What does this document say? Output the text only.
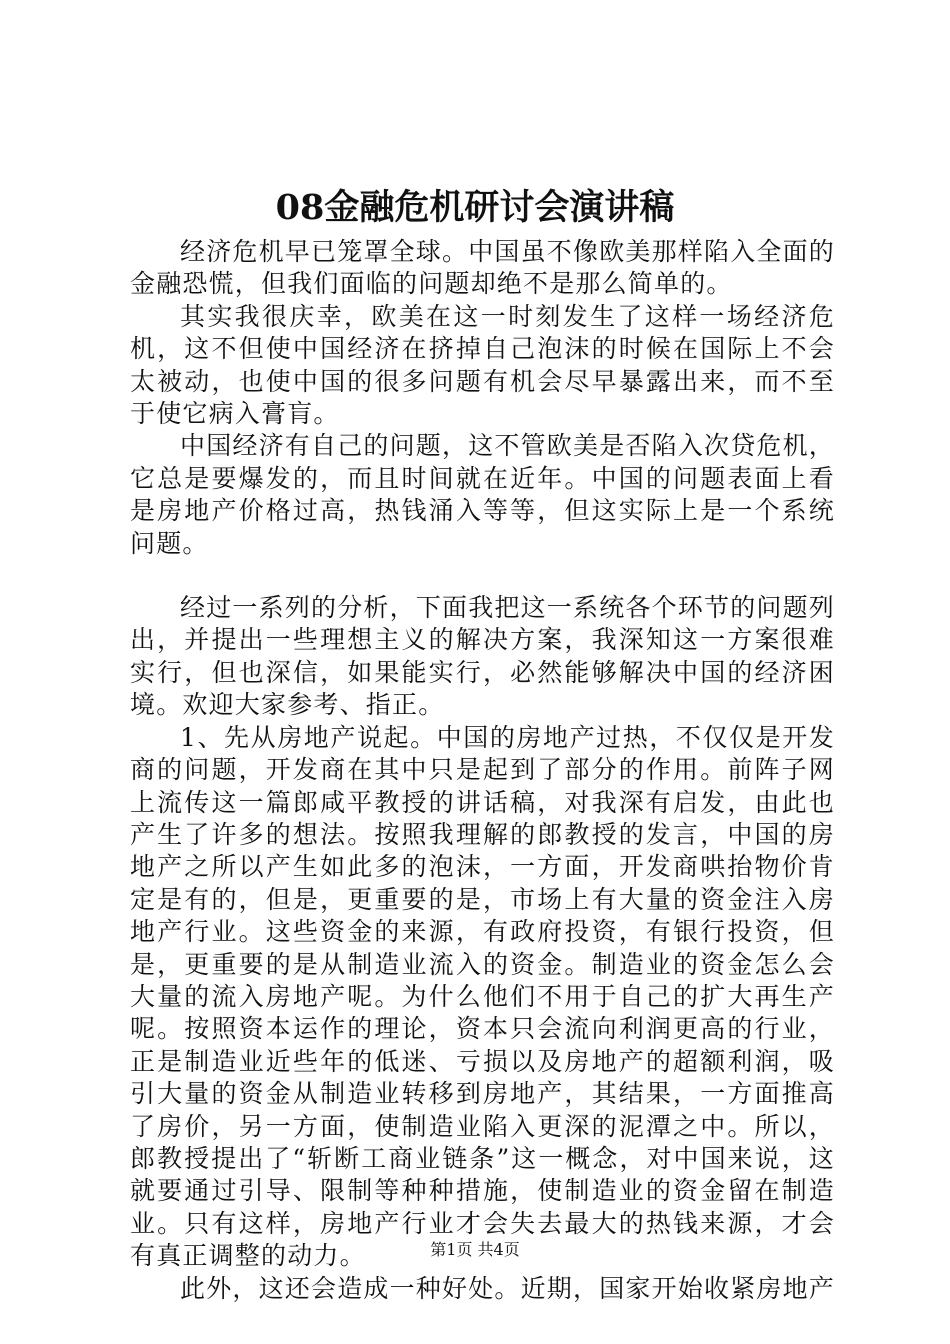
08金融危机研讨会演讲稿

经济危机早已笼罩全球。中国虽不像欧美那样陷入全面的金融恐慌，但我们面临的问题却绝不是那么简单的。

其实我很庆幸，欧美在这一时刻发生了这样一场经济危机，这不但使中国经济在挤掉自己泡沫的时候在国际上不会太被动，也使中国的很多问题有机会尽早暴露出来，而不至于使它病入膏肓。

中国经济有自己的问题，这不管欧美是否陷入次贷危机，它总是要爆发的，而且时间就在近年。中国的问题表面上看是房地产价格过高，热钱涌入等等，但这实际上是一个系统问题。

经过一系列的分析，下面我把这一系统各个环节的问题列出，并提出一些理想主义的解决方案，我深知这一方案很难实行，但也深信，如果能实行，必然能够解决中国的经济困境。欢迎大家参考、指正。

1、先从房地产说起。中国的房地产过热，不仅仅是开发商的问题，开发商在其中只是起到了部分的作用。前阵子网上流传这一篇郎咸平教授的讲话稿，对我深有启发，由此也产生了许多的想法。按照我理解的郎教授的发言，中国的房地产之所以产生如此多的泡沫，一方面，开发商哄抬物价肯定是有的，但是，更重要的是，市场上有大量的资金注入房地产行业。这些资金的来源，有政府投资，有银行投资，但是，更重要的是从制造业流入的资金。制造业的资金怎么会大量的流入房地产呢。为什么他们不用于自己的扩大再生产呢。按照资本运作的理论，资本只会流向利润更高的行业，正是制造业近些年的低迷、亏损以及房地产的超额利润，吸引大量的资金从制造业转移到房地产，其结果，一方面推高了房价，另一方面，使制造业陷入更深的泥潭之中。所以，郎教授提出了“斩断工商业链条”这一概念，对中国来说，这就要通过引导、限制等种种措施，使制造业的资金留在制造业。只有这样，房地产行业才会失去最大的热钱来源，才会有真正调整的动力。

此外，这还会造成一种好处。近期，国家开始收紧房地产

第1页 共4页
